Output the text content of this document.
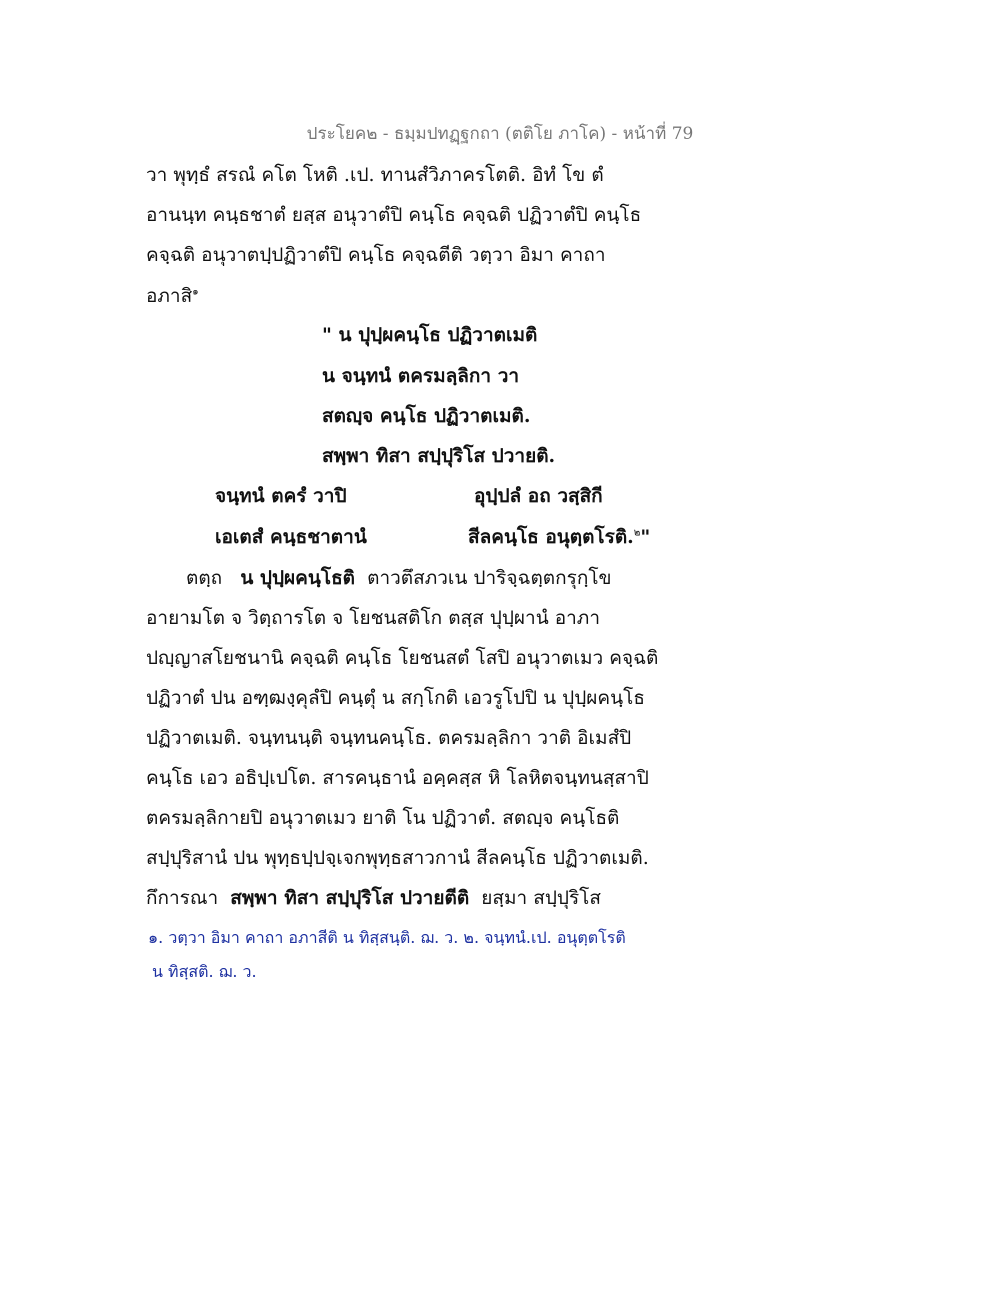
ประโยค๒ - ธมฺมปทฏฺฐกถา (ตติโย ภาโค) - หน้าที่ 79
วา พุทฺธํ สรณํ คโต โหติ .เป. ทานสํวิภาครโตติ. อิทํ โข ตํ
อานนฺท คนฺธชาตํ ยสฺส อนุวาตํปิ คนฺโธ คจฺฉติ ปฏิวาตํปิ คนฺโธ
คจฺฉติ อนุวาตปฺปฏิวาตํปิ คนฺโธ คจฺฉตีติ วตฺวา อิมา คาถา
อภาสิ$^๑$
" น ปุปฺผคนฺโธ ปฏิวาตเมติ
น จนฺทนํ ตครมลฺลิกา วา
สตญฺจ คนฺโธ ปฏิวาตเมติ.
สพฺพา ทิสา สปฺปุริโส ปวายติ.
จนฺทนํ ตครํ วาปิ	อุปฺปลํ อถ วสฺสิกี
เอเตสํ คนฺธชาตานํ	สีลคนฺโธ อนุตฺตโรติ.$^๒$"
ตตฺถ น ปุปฺผคนฺโธติ ตาวตึสภวเน ปาริจฺฉตฺตกรุกฺโข
อายามโต จ วิตฺถารโต จ โยชนสติโก ตสฺส ปุปฺผานํ อาภา
ปญฺญาสโยชนานิ คจฺฉติ คนฺโธ โยชนสตํ โสปิ อนุวาตเมว คจฺฉติ
ปฏิวาตํ ปน อฑฺฒงฺคุลํปิ คนฺตุํ น สกฺโกติ เอวรูโปปิ น ปุปฺผคนฺโธ
ปฏิวาตเมติ. จนฺทนนฺติ จนฺทนคนฺโธ. ตครมลฺลิกา วาติ อิเมสํปิ
คนฺโธ เอว อธิปฺเปโต. สารคนฺธานํ อคฺคสฺส หิ โลหิตจนฺทนสฺสาปิ
ตครมลฺลิกายปิ อนุวาตเมว ยาติ โน ปฏิวาตํ. สตญฺจ คนฺโธติ
สปฺปุริสานํ ปน พุทฺธปฺปจฺเจกพุทฺธสาวกานํ สีลคนฺโธ ปฏิวาตเมติ.
กึการณา สพฺพา ทิสา สปฺปุริโส ปวายตีติ ยสฺมา สปฺปุริโส
๑. วตฺวา อิมา คาถา อภาสีติ น ทิสฺสนฺติ. ฌ. ว. ๒. จนฺทนํ.เป. อนุตฺตโรติ
น ทิสฺสติ. ฌ. ว.
